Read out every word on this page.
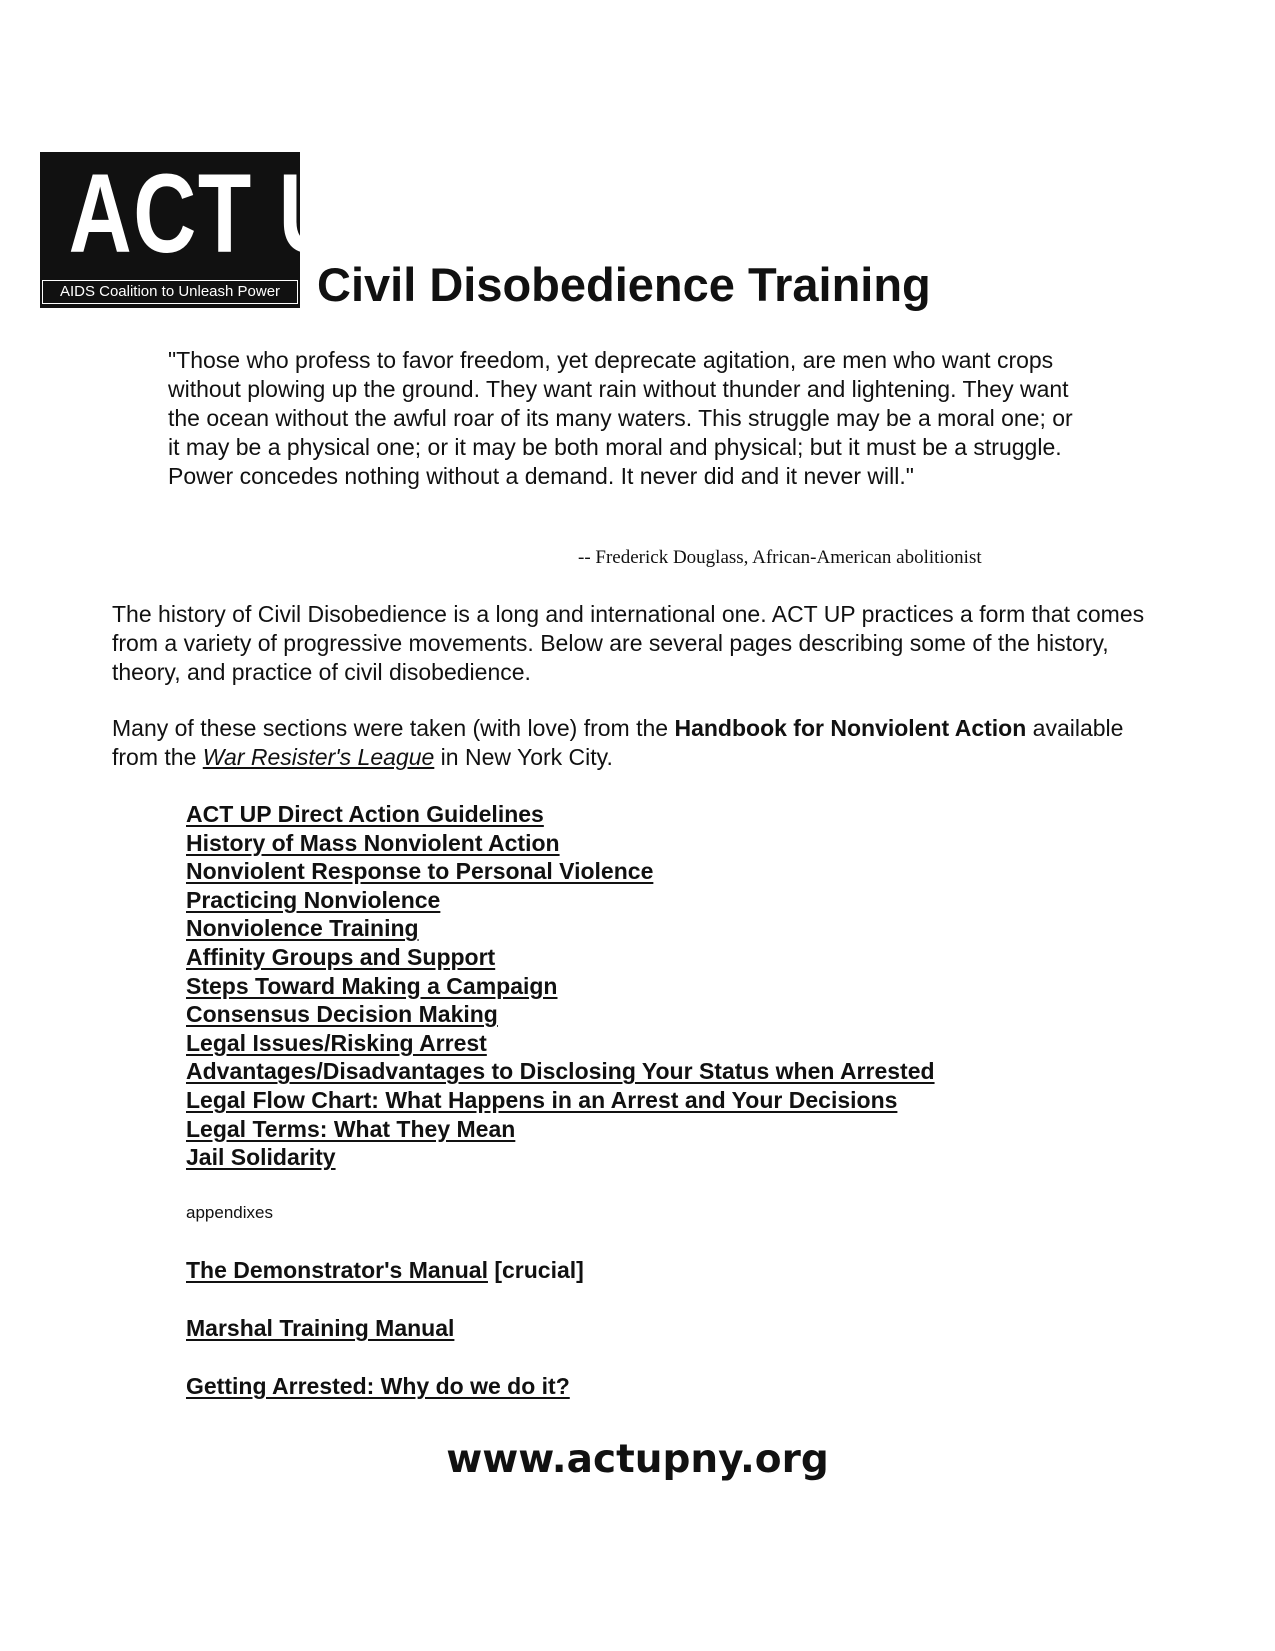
ACT UP
AIDS Coalition to Unleash Power Civil Disobedience Training

"Those who profess to favor freedom, yet deprecate agitation, are men who want crops without plowing up the ground. They want rain without thunder and lightening. They want the ocean without the awful roar of its many waters. This struggle may be a moral one; or it may be a physical one; or it may be both moral and physical; but it must be a struggle. Power concedes nothing without a demand. It never did and it never will."

-- Frederick Douglass, African-American abolitionist

The history of Civil Disobedience is a long and international one. ACT UP practices a form that comes from a variety of progressive movements. Below are several pages describing some of the history, theory, and practice of civil disobedience.

Many of these sections were taken (with love) from the Handbook for Nonviolent Action available from the War Resister's League in New York City.

ACT UP Direct Action Guidelines
History of Mass Nonviolent Action
Nonviolent Response to Personal Violence
Practicing Nonviolence
Nonviolence Training
Affinity Groups and Support
Steps Toward Making a Campaign
Consensus Decision Making
Legal Issues/Risking Arrest
Advantages/Disadvantages to Disclosing Your Status when Arrested
Legal Flow Chart: What Happens in an Arrest and Your Decisions
Legal Terms: What They Mean
Jail Solidarity

appendixes

The Demonstrator's Manual [crucial]

Marshal Training Manual

Getting Arrested: Why do we do it?

www.actupny.org
